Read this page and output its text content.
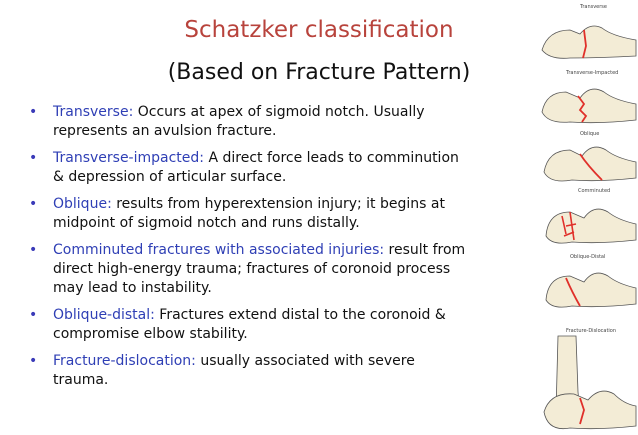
Schatzker classification
(Based on Fracture Pattern)
• Transverse: Occurs at apex of sigmoid notch. Usually
represents an avulsion fracture.
• Transverse-impacted: A direct force leads to comminution
& depression of articular surface.
• Oblique: results from hyperextension injury; it begins at
midpoint of sigmoid notch and runs distally.
• Comminuted fractures with associated injuries: result from
direct high-energy trauma; fractures of coronoid process
may lead to instability.
• Oblique-distal: Fractures extend distal to the coronoid &
compromise elbow stability.
• Fracture-dislocation: usually associated with severe
trauma.
Transverse
Transverse-Impacted
Oblique
Comminuted
Oblique-Distal
Fracture-Dislocation
